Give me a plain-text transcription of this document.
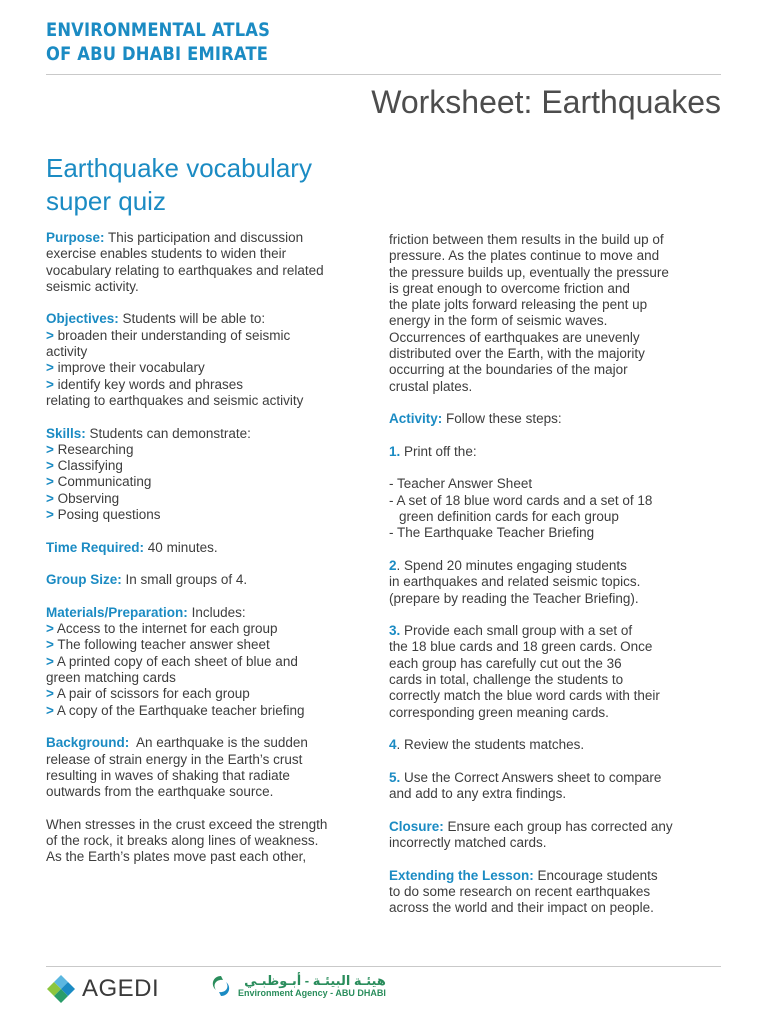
ENVIRONMENTAL ATLAS
OF ABU DHABI EMIRATE
Worksheet: Earthquakes
Earthquake vocabulary
super quiz

Purpose: This participation and discussion

exercise enables students to widen their

vocabulary relating to earthquakes and related

seismic activity.

Objectives: Students will be able to:

> broaden their understanding of seismic

activity

> improve their vocabulary

> identify key words and phrases

relating to earthquakes and seismic activity

Skills: Students can demonstrate:

> Researching

> Classifying

> Communicating

> Observing

> Posing questions

Time Required: 40 minutes.

Group Size: In small groups of 4.

Materials/Preparation: Includes:

> Access to the internet for each group

> The following teacher answer sheet

> A printed copy of each sheet of blue and

green matching cards

> A pair of scissors for each group

> A copy of the Earthquake teacher briefing

Background: An earthquake is the sudden

release of strain energy in the Earth’s crust

resulting in waves of shaking that radiate

outwards from the earthquake source.

When stresses in the crust exceed the strength

of the rock, it breaks along lines of weakness.

As the Earth’s plates move past each other,

friction between them results in the build up of

pressure. As the plates continue to move and

the pressure builds up, eventually the pressure

is great enough to overcome friction and

the plate jolts forward releasing the pent up

energy in the form of seismic waves.

Occurrences of earthquakes are unevenly

distributed over the Earth, with the majority

occurring at the boundaries of the major

crustal plates.

Activity: Follow these steps:

1. Print off the:

- Teacher Answer Sheet

- A set of 18 blue word cards and a set of 18

green definition cards for each group

- The Earthquake Teacher Briefing

2. Spend 20 minutes engaging students

in earthquakes and related seismic topics.

(prepare by reading the Teacher Briefing).

3. Provide each small group with a set of

the 18 blue cards and 18 green cards. Once

each group has carefully cut out the 36

cards in total, challenge the students to

correctly match the blue word cards with their

corresponding green meaning cards.

4. Review the students matches.

5. Use the Correct Answers sheet to compare

and add to any extra findings.

Closure: Ensure each group has corrected any

incorrectly matched cards.

Extending the Lesson: Encourage students

to do some research on recent earthquakes

across the world and their impact on people.

AGEDI	هيئـة البيئـة - أبـوظبـي
Environment Agency - ABU DHABI
